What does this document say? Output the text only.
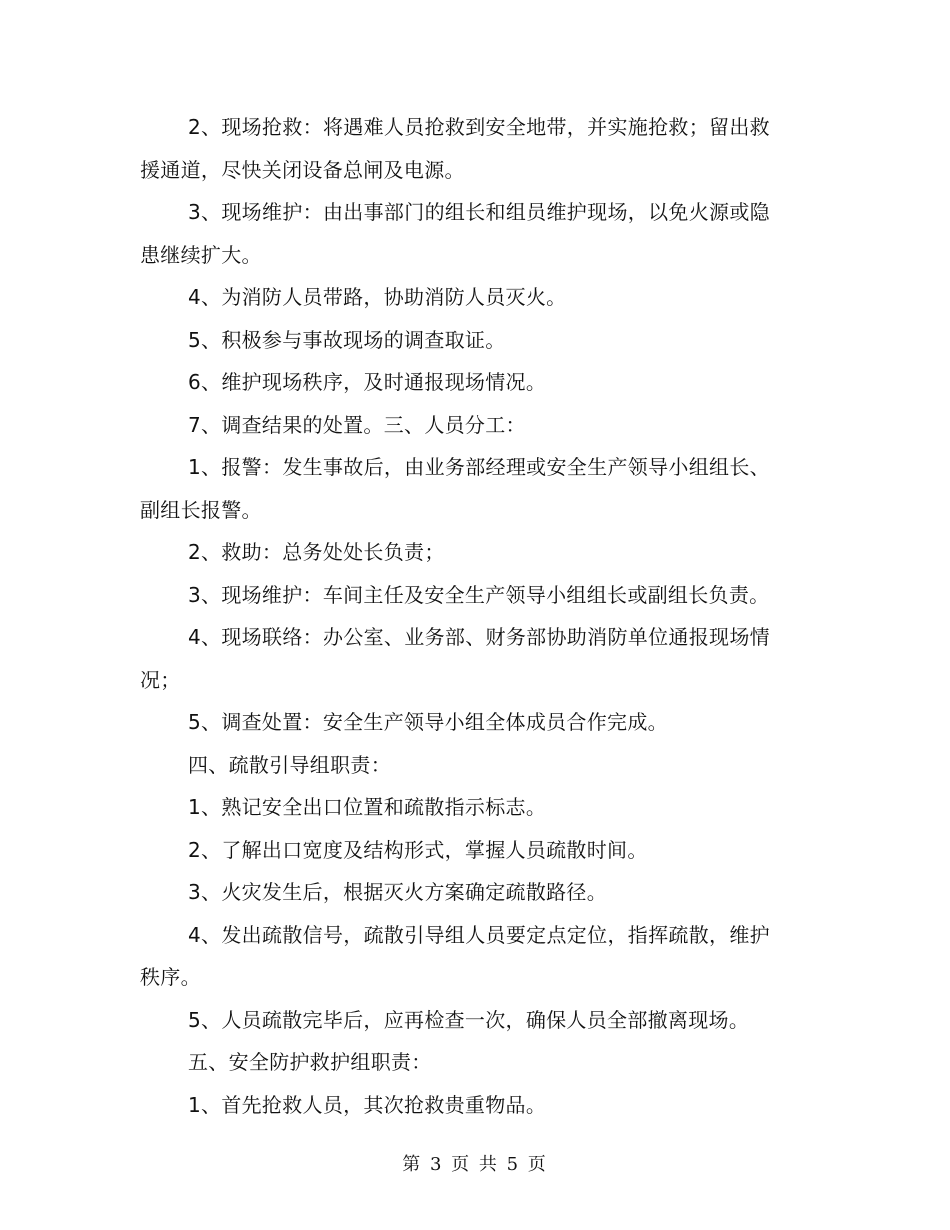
2、现场抢救：将遇难人员抢救到安全地带，并实施抢救；留出救援通道，尽快关闭设备总闸及电源。

3、现场维护：由出事部门的组长和组员维护现场，以免火源或隐患继续扩大。

4、为消防人员带路，协助消防人员灭火。

5、积极参与事故现场的调查取证。

6、维护现场秩序，及时通报现场情况。

7、调查结果的处置。三、人员分工：

1、报警：发生事故后，由业务部经理或安全生产领导小组组长、副组长报警。

2、救助：总务处处长负责；

3、现场维护：车间主任及安全生产领导小组组长或副组长负责。

4、现场联络：办公室、业务部、财务部协助消防单位通报现场情况；

5、调查处置：安全生产领导小组全体成员合作完成。

四、疏散引导组职责：

1、熟记安全出口位置和疏散指示标志。

2、了解出口宽度及结构形式，掌握人员疏散时间。

3、火灾发生后，根据灭火方案确定疏散路径。

4、发出疏散信号，疏散引导组人员要定点定位，指挥疏散，维护秩序。

5、人员疏散完毕后，应再检查一次，确保人员全部撤离现场。

五、安全防护救护组职责：

1、首先抢救人员，其次抢救贵重物品。

第 3 页 共 5 页
